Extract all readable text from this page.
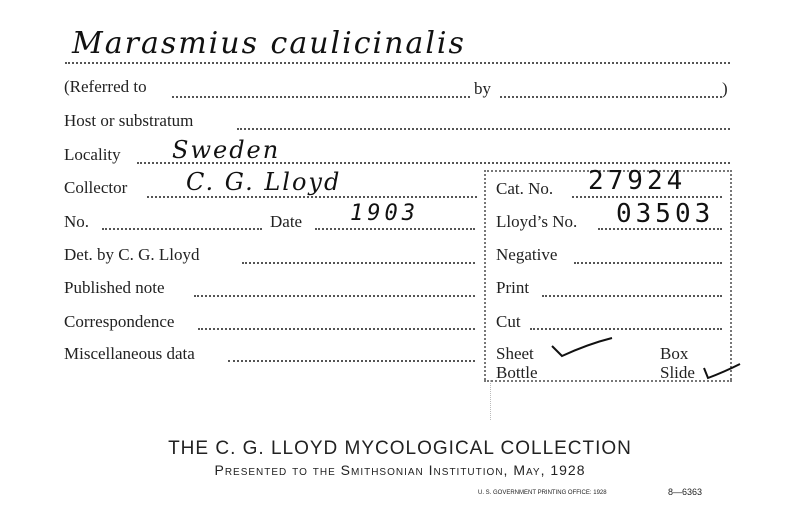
Marasmius caulicinalis
(Referred to	by	)
Host or substratum
Locality Sweden
Collector C. G. Lloyd	Cat. No. 27924
No.	Date 1903	Lloyd’s No. 03503
Det. by C. G. Lloyd	Negative
Published note	Print
Correspondence	Cut
Miscellaneous data	Sheet	Box
Bottle	Slide
THE C. G. LLOYD MYCOLOGICAL COLLECTION
Presented to the Smithsonian Institution, May, 1928
U. S. GOVERNMENT PRINTING OFFICE: 1928	8—6363
